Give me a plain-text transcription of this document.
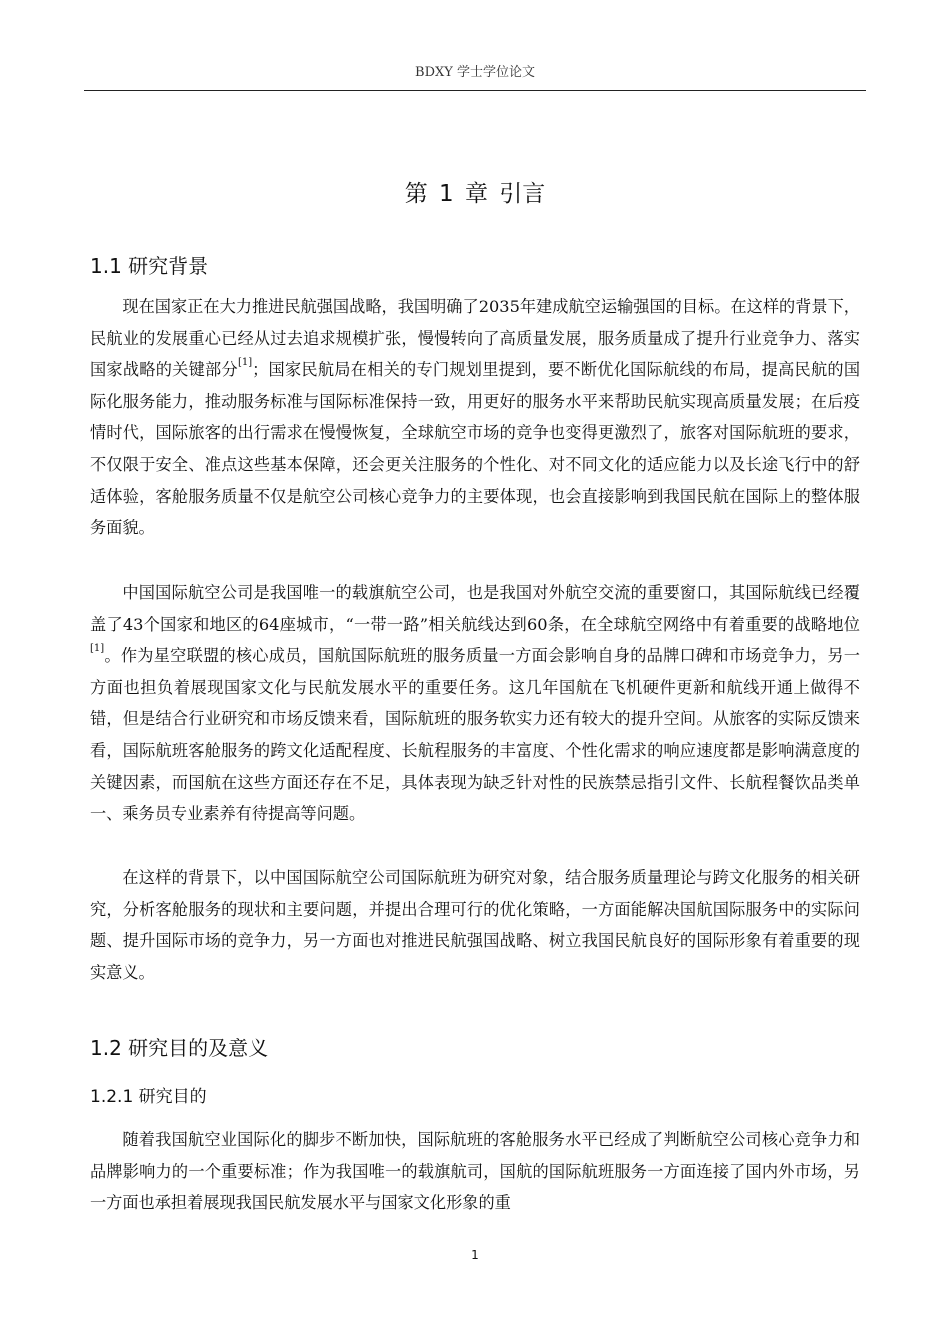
BDXY 学士学位论文
第 1 章 引言
1.1 研究背景

现在国家正在大力推进民航强国战略，我国明确了2035年建成航空运输强国的目标。在这样的背景下，民航业的发展重心已经从过去追求规模扩张，慢慢转向了高质量发展，服务质量成了提升行业竞争力、落实国家战略的关键部分[1]；国家民航局在相关的专门规划里提到，要不断优化国际航线的布局，提高民航的国际化服务能力，推动服务标准与国际标准保持一致，用更好的服务水平来帮助民航实现高质量发展；在后疫情时代，国际旅客的出行需求在慢慢恢复，全球航空市场的竞争也变得更激烈了，旅客对国际航班的要求，不仅限于安全、准点这些基本保障，还会更关注服务的个性化、对不同文化的适应能力以及长途飞行中的舒适体验，客舱服务质量不仅是航空公司核心竞争力的主要体现，也会直接影响到我国民航在国际上的整体服务面貌。

中国国际航空公司是我国唯一的载旗航空公司，也是我国对外航空交流的重要窗口，其国际航线已经覆盖了43个国家和地区的64座城市，“一带一路”相关航线达到60条，在全球航空网络中有着重要的战略地位[1]。作为星空联盟的核心成员，国航国际航班的服务质量一方面会影响自身的品牌口碑和市场竞争力，另一方面也担负着展现国家文化与民航发展水平的重要任务。这几年国航在飞机硬件更新和航线开通上做得不错，但是结合行业研究和市场反馈来看，国际航班的服务软实力还有较大的提升空间。从旅客的实际反馈来看，国际航班客舱服务的跨文化适配程度、长航程服务的丰富度、个性化需求的响应速度都是影响满意度的关键因素，而国航在这些方面还存在不足，具体表现为缺乏针对性的民族禁忌指引文件、长航程餐饮品类单一、乘务员专业素养有待提高等问题。

在这样的背景下，以中国国际航空公司国际航班为研究对象，结合服务质量理论与跨文化服务的相关研究，分析客舱服务的现状和主要问题，并提出合理可行的优化策略，一方面能解决国航国际服务中的实际问题、提升国际市场的竞争力，另一方面也对推进民航强国战略、树立我国民航良好的国际形象有着重要的现实意义。

1.2 研究目的及意义
1.2.1 研究目的

随着我国航空业国际化的脚步不断加快，国际航班的客舱服务水平已经成了判断航空公司核心竞争力和品牌影响力的一个重要标准；作为我国唯一的载旗航司，国航的国际航班服务一方面连接了国内外市场，另一方面也承担着展现我国民航发展水平与国家文化形象的重

1
